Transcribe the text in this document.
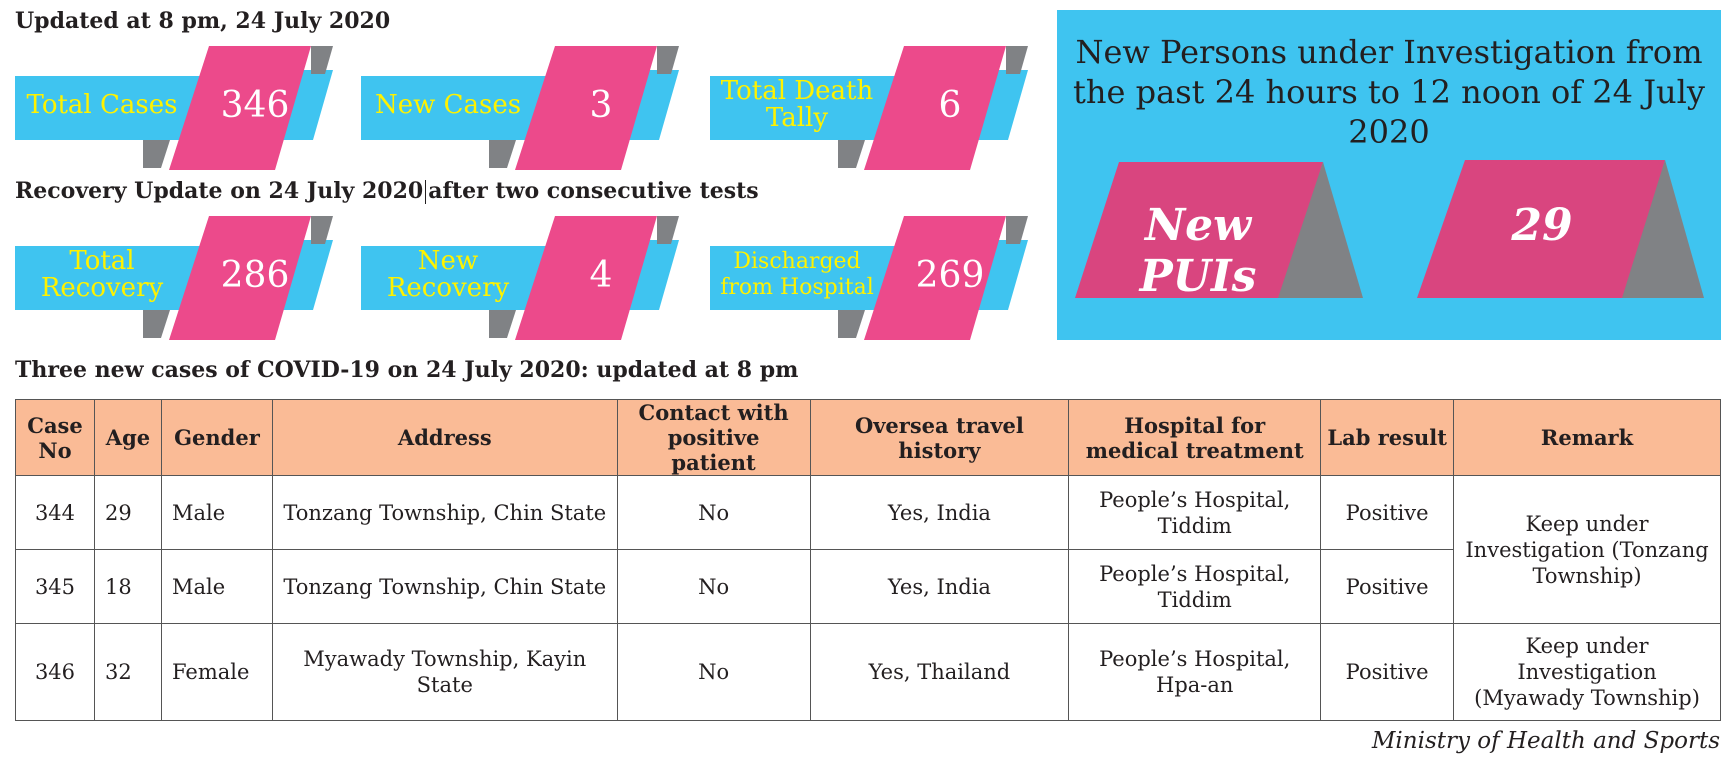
Updated at 8 pm, 24 July 2020
Recovery Update on 24 July 2020 after two consecutive tests
Three new cases of COVID-19 on 24 July 2020: updated at 8 pm
Total Cases	346	New Cases	3	Total Death Tally	6
Total Recovery	286	New Recovery	4	Discharged from Hospital	269
New Persons under Investigation from the past 24 hours to 12 noon of 24 July 2020
New PUIs
29
Case No	Age	Gender	Address	Contact with positive patient	Oversea travel history	Hospital for medical treatment	Lab result	Remark
344	29	Male	Tonzang Township, Chin State	No	Yes, India	People’s Hospital, Tiddim	Positive	Keep under Investigation (Tonzang Township)
345	18	Male	Tonzang Township, Chin State	No	Yes, India	People’s Hospital, Tiddim	Positive	
346	32	Female	Myawady Township, Kayin State	No	Yes, Thailand	People’s Hospital, Hpa-an	Positive	Keep under Investigation (Myawady Township)
Ministry of Health and Sports
